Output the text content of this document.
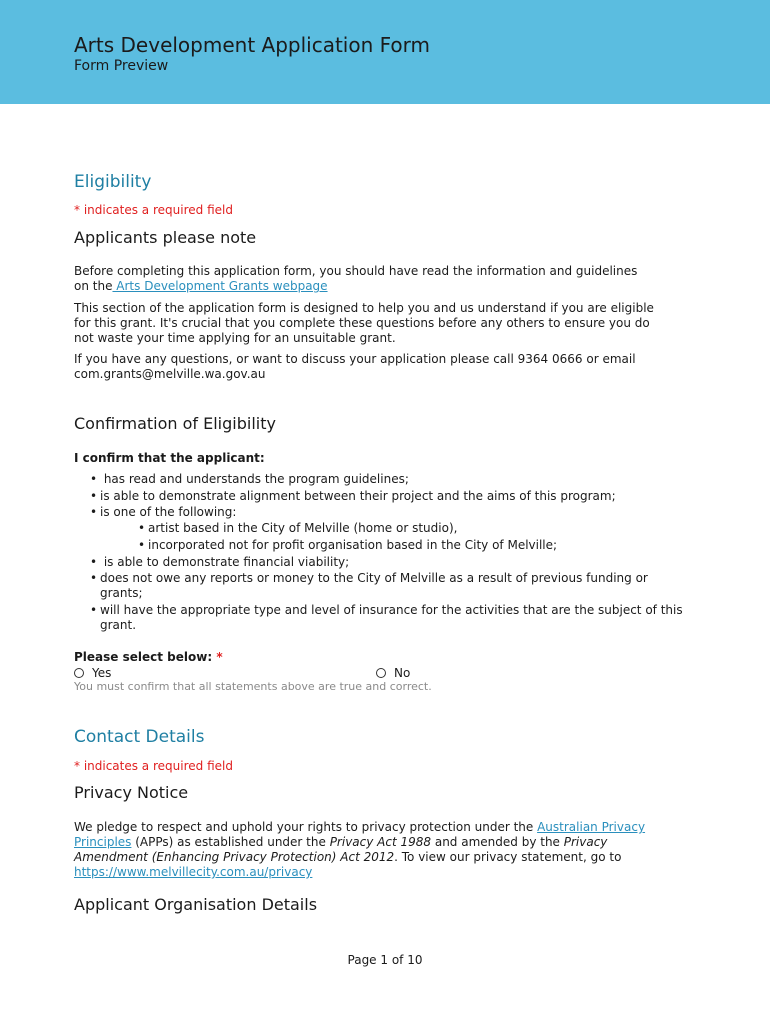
Arts Development Application Form
Form Preview
Eligibility
* indicates a required field
Applicants please note
Before completing this application form, you should have read the information and guidelines on the Arts Development Grants webpage
This section of the application form is designed to help you and us understand if you are eligible for this grant. It's crucial that you complete these questions before any others to ensure you do not waste your time applying for an unsuitable grant.
If you have any questions, or want to discuss your application please call 9364 0666 or email com.grants@melville.wa.gov.au
Confirmation of Eligibility
I confirm that the applicant:
• has read and understands the program guidelines;
• is able to demonstrate alignment between their project and the aims of this program;
• is one of the following:
• artist based in the City of Melville (home or studio),
• incorporated not for profit organisation based in the City of Melville;
• is able to demonstrate financial viability;
• does not owe any reports or money to the City of Melville as a result of previous funding or grants;
• will have the appropriate type and level of insurance for the activities that are the subject of this grant.
Please select below: *
Yes	No
You must confirm that all statements above are true and correct.
Contact Details
* indicates a required field
Privacy Notice
We pledge to respect and uphold your rights to privacy protection under the Australian Privacy Principles (APPs) as established under the Privacy Act 1988 and amended by the Privacy Amendment (Enhancing Privacy Protection) Act 2012. To view our privacy statement, go to https://www.melvillecity.com.au/privacy
Applicant Organisation Details
Page 1 of 10
